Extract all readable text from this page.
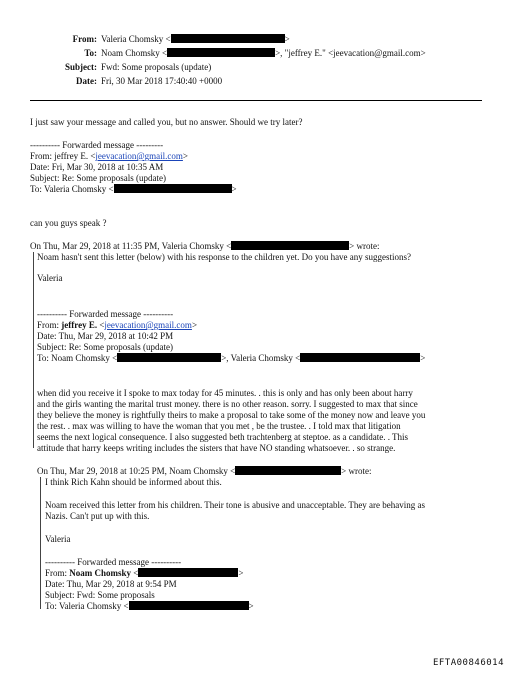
From: Valeria Chomsky <	>
To: Noam Chomsky <	>, "jeffrey E." <jeevacation@gmail.com>
Subject: Fwd: Some proposals (update)
Date: Fri, 30 Mar 2018 17:40:40 +0000
I just saw your message and called you, but no answer. Should we try later?
---------- Forwarded message ---------
From: jeffrey E. <jeevacation@gmail.com>
Date: Fri, Mar 30, 2018 at 10:35 AM
Subject: Re: Some proposals (update)
To: Valeria Chomsky <	>
can you guys speak ?
On Thu, Mar 29, 2018 at 11:35 PM, Valeria Chomsky <	> wrote:
Noam hasn't sent this letter (below) with his response to the children yet. Do you have any suggestions?
Valeria
---------- Forwarded message ----------
From: jeffrey E. <jeevacation@gmail.com>
Date: Thu, Mar 29, 2018 at 10:42 PM
Subject: Re: Some proposals (update)
To: Noam Chomsky <	>, Valeria Chomsky <	>
when did you receive it I spoke to max today for 45 minutes. . this is only and has only been about harry
and the girls wanting the marital trust money. there is no other reason. sorry. I suggested to max that since
they believe the money is rightfully theirs to make a proposal to take some of the money now and leave you
the rest. . max was willing to have the woman that you met , be the trustee. . I told max that litigation
seems the next logical consequence. I also suggested beth trachtenberg at steptoe. as a candidate. . This
attitude that harry keeps writing includes the sisters that have NO standing whatsoever. . so strange.
On Thu, Mar 29, 2018 at 10:25 PM, Noam Chomsky <	> wrote:
I think Rich Kahn should be informed about this.
Noam received this letter from his children. Their tone is abusive and unacceptable. They are behaving as
Nazis. Can't put up with this.
Valeria
---------- Forwarded message ----------
From: Noam Chomsky <	>
Date: Thu, Mar 29, 2018 at 9:54 PM
Subject: Fwd: Some proposals
To: Valeria Chomsky <	>
EFTA00846014
